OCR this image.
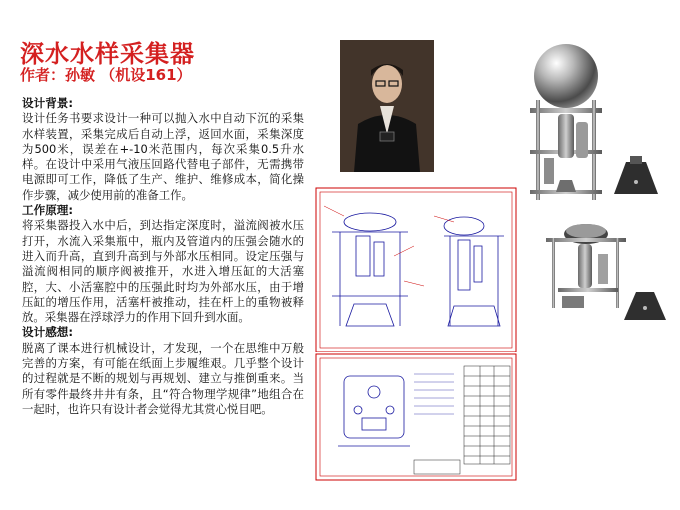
深水水样采集器
作者：孙敏 （机设161）
设计背景:

设计任务书要求设计一种可以抛入水中自动下沉的采集水样装置，采集完成后自动上浮，返回水面，采集深度为500米，误差在+-10米范围内，每次采集0.5升水样。在设计中采用气液压回路代替电子部件，无需携带电源即可工作，降低了生产、维护、维修成本，简化操作步骤，减少使用前的准备工作。

工作原理:

将采集器投入水中后，到达指定深度时，溢流阀被水压打开，水流入采集瓶中，瓶内及管道内的压强会随水的进入而升高，直到升高到与外部水压相同。设定压强与溢流阀相同的顺序阀被推开，水进入增压缸的大活塞腔，大、小活塞腔中的压强此时均为外部水压，由于增压缸的增压作用，活塞杆被推动，挂在杆上的重物被释放。采集器在浮球浮力的作用下回升到水面。

设计感想:

脱离了课本进行机械设计，才发现，一个在思维中万般完善的方案，有可能在纸面上步履维艰。几乎整个设计的过程就是不断的规划与再规划、建立与推倒重来。当所有零件最终井井有条，且“符合物理学规律”地组合在一起时，也许只有设计者会觉得尤其赏心悦目吧。
